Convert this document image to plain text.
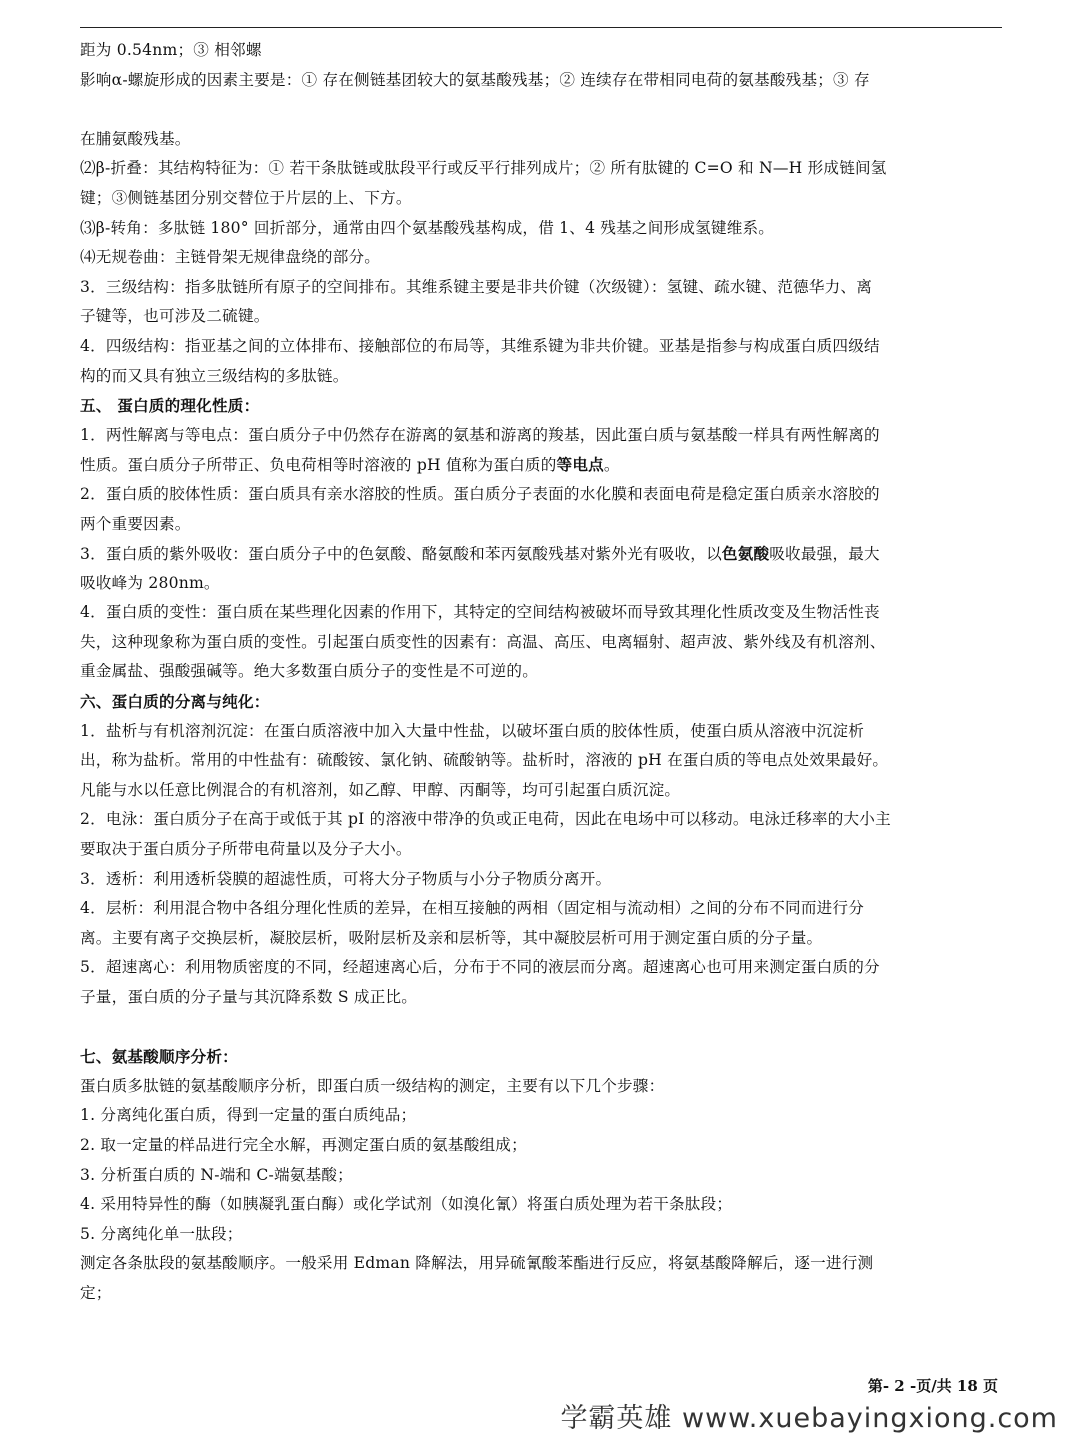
距为 0.54nm；③ 相邻螺
影响α-螺旋形成的因素主要是：① 存在侧链基团较大的氨基酸残基；② 连续存在带相同电荷的氨基酸残基；③ 存
在脯氨酸残基。
⑵β-折叠：其结构特征为：① 若干条肽链或肽段平行或反平行排列成片；② 所有肽键的 C=O 和 N—H 形成链间氢
键；③侧链基团分别交替位于片层的上、下方。
⑶β-转角：多肽链 180° 回折部分，通常由四个氨基酸残基构成，借 1、4 残基之间形成氢键维系。
⑷无规卷曲：主链骨架无规律盘绕的部分。
3．三级结构：指多肽链所有原子的空间排布。其维系键主要是非共价键（次级键）：氢键、疏水键、范德华力、离
子键等，也可涉及二硫键。
4．四级结构：指亚基之间的立体排布、接触部位的布局等，其维系键为非共价键。亚基是指参与构成蛋白质四级结
构的而又具有独立三级结构的多肽链。
五、 蛋白质的理化性质：
1．两性解离与等电点：蛋白质分子中仍然存在游离的氨基和游离的羧基，因此蛋白质与氨基酸一样具有两性解离的
性质。蛋白质分子所带正、负电荷相等时溶液的 pH 值称为蛋白质的等电点。
2．蛋白质的胶体性质：蛋白质具有亲水溶胶的性质。蛋白质分子表面的水化膜和表面电荷是稳定蛋白质亲水溶胶的
两个重要因素。
3．蛋白质的紫外吸收：蛋白质分子中的色氨酸、酪氨酸和苯丙氨酸残基对紫外光有吸收，以色氨酸吸收最强，最大
吸收峰为 280nm。
4．蛋白质的变性：蛋白质在某些理化因素的作用下，其特定的空间结构被破坏而导致其理化性质改变及生物活性丧
失，这种现象称为蛋白质的变性。引起蛋白质变性的因素有：高温、高压、电离辐射、超声波、紫外线及有机溶剂、
重金属盐、强酸强碱等。绝大多数蛋白质分子的变性是不可逆的。
六、蛋白质的分离与纯化：
1．盐析与有机溶剂沉淀：在蛋白质溶液中加入大量中性盐，以破坏蛋白质的胶体性质，使蛋白质从溶液中沉淀析
出，称为盐析。常用的中性盐有：硫酸铵、氯化钠、硫酸钠等。盐析时，溶液的 pH 在蛋白质的等电点处效果最好。
凡能与水以任意比例混合的有机溶剂，如乙醇、甲醇、丙酮等，均可引起蛋白质沉淀。
2．电泳：蛋白质分子在高于或低于其 pI 的溶液中带净的负或正电荷，因此在电场中可以移动。电泳迁移率的大小主
要取决于蛋白质分子所带电荷量以及分子大小。
3．透析：利用透析袋膜的超滤性质，可将大分子物质与小分子物质分离开。
4．层析：利用混合物中各组分理化性质的差异，在相互接触的两相（固定相与流动相）之间的分布不同而进行分
离。主要有离子交换层析，凝胶层析，吸附层析及亲和层析等，其中凝胶层析可用于测定蛋白质的分子量。
5．超速离心：利用物质密度的不同，经超速离心后，分布于不同的液层而分离。超速离心也可用来测定蛋白质的分
子量，蛋白质的分子量与其沉降系数 S 成正比。
七、氨基酸顺序分析：
蛋白质多肽链的氨基酸顺序分析，即蛋白质一级结构的测定，主要有以下几个步骤：
1. 分离纯化蛋白质，得到一定量的蛋白质纯品；
2. 取一定量的样品进行完全水解，再测定蛋白质的氨基酸组成；
3. 分析蛋白质的 N-端和 C-端氨基酸；
4. 采用特异性的酶（如胰凝乳蛋白酶）或化学试剂（如溴化氰）将蛋白质处理为若干条肽段；
5. 分离纯化单一肽段；
测定各条肽段的氨基酸顺序。一般采用 Edman 降解法，用异硫氰酸苯酯进行反应，将氨基酸降解后，逐一进行测
定；
第- 2 -页/共 18 页
学霸英雄 www.xuebayingxiong.com
